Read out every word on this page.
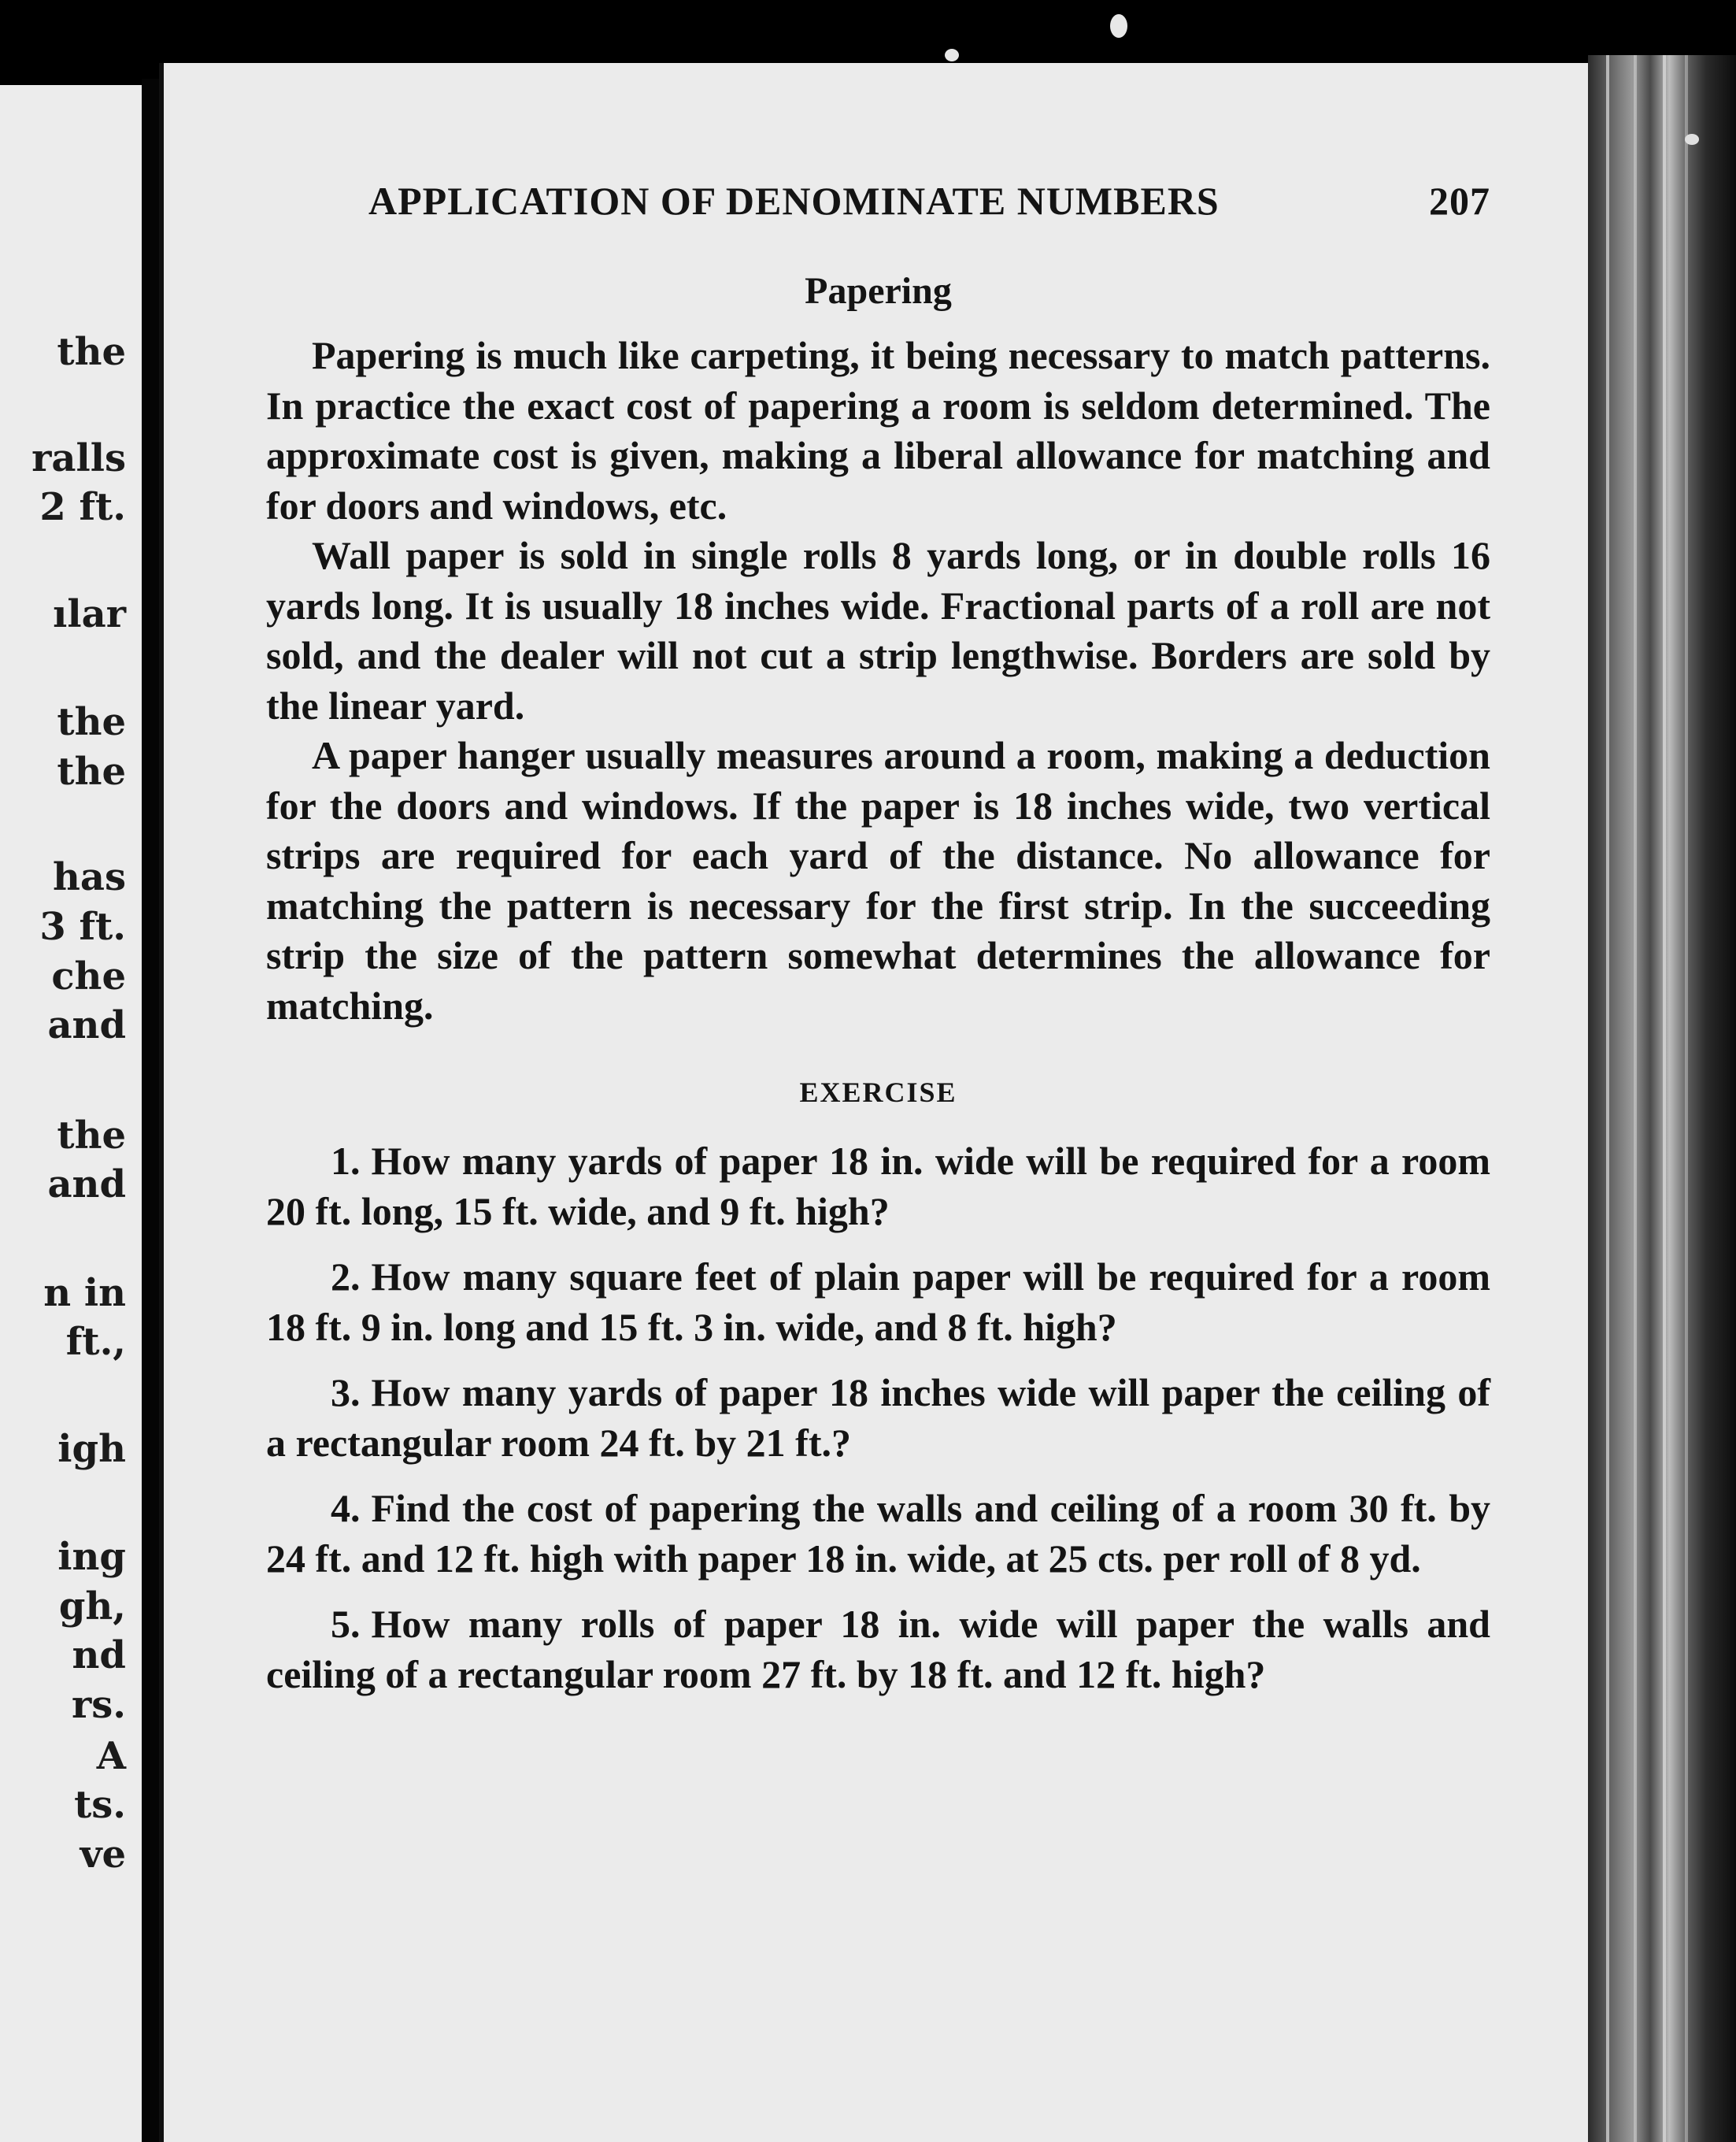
the
ralls
2 ft.
ılar
the
the
has
3 ft.
che
and
the
and
n in
ft.,
igh
ing
gh,
nd
rs.
A
ts.
ve
APPLICATION OF DENOMINATE NUMBERS	207
Papering

Papering is much like carpeting, it being necessary to match patterns. In practice the exact cost of papering a room is seldom determined. The approximate cost is given, making a liberal allowance for matching and for doors and windows, etc.

Wall paper is sold in single rolls 8 yards long, or in double rolls 16 yards long. It is usually 18 inches wide. Fractional parts of a roll are not sold, and the dealer will not cut a strip lengthwise. Borders are sold by the linear yard.

A paper hanger usually measures around a room, making a deduction for the doors and windows. If the paper is 18 inches wide, two vertical strips are required for each yard of the distance. No allowance for matching the pattern is necessary for the first strip. In the succeeding strip the size of the pattern somewhat determines the allowance for matching.

EXERCISE

1. How many yards of paper 18 in. wide will be required for a room 20 ft. long, 15 ft. wide, and 9 ft. high?

2. How many square feet of plain paper will be required for a room 18 ft. 9 in. long and 15 ft. 3 in. wide, and 8 ft. high?

3. How many yards of paper 18 inches wide will paper the ceiling of a rectangular room 24 ft. by 21 ft.?

4. Find the cost of papering the walls and ceiling of a room 30 ft. by 24 ft. and 12 ft. high with paper 18 in. wide, at 25 cts. per roll of 8 yd.

5. How many rolls of paper 18 in. wide will paper the walls and ceiling of a rectangular room 27 ft. by 18 ft. and 12 ft. high?
